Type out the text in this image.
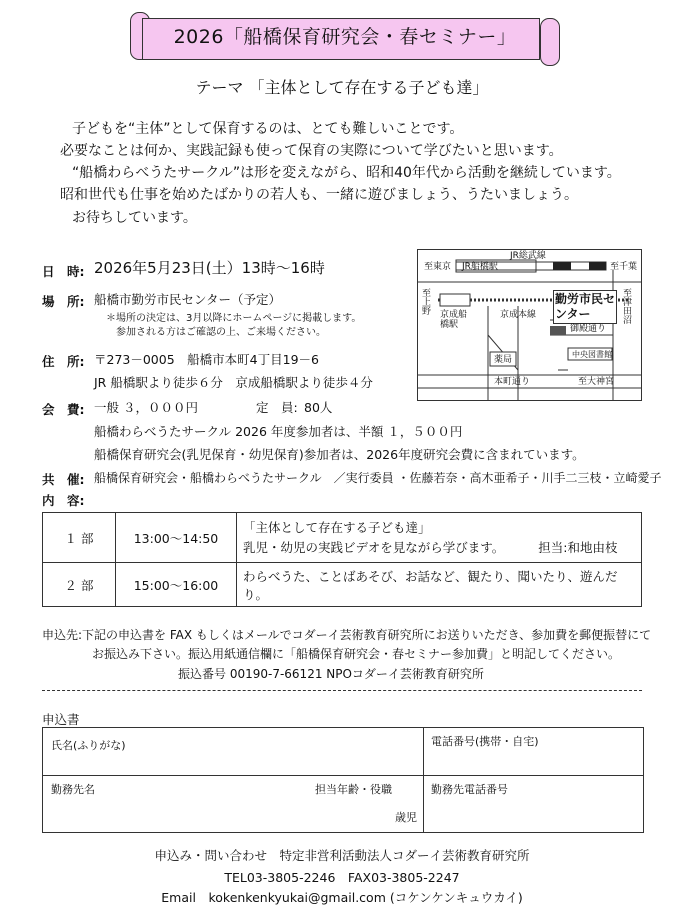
2026「船橋保育研究会・春セミナー」
テーマ 「主体として存在する子ども達」
子どもを“主体”として保育するのは、とても難しいことです。
必要なことは何か、実践記録も使って保育の実際について学びたいと思います。
“船橋わらべうたサークル”は形を変えながら、昭和40年代から活動を継続しています。
昭和世代も仕事を始めたばかりの若人も、一緒に遊びましょう、うたいましょう。
お待ちしています。
日　時: 2026年5月23日(土）13時～16時
場　所: 船橋市勤労市民センター（予定）
＊場所の決定は、3月以降にホームページに掲載します。
参加される方はご確認の上、ご来場ください。
住　所: 〒273－0005　船橋市本町4丁目19－6
JR 船橋駅より徒歩６分　京成船橋駅より徒歩４分
会　費: 一般 ３，０００円	定　員: 80人
船橋わらべうたサークル 2026 年度参加者は、半額 １，５００円
船橋保育研究会(乳児保育・幼児保育)参加者は、2026年度研究会費に含まれています。
共　催: 船橋保育研究会・船橋わらべうたサークル　／実行委員 ・佐藤若奈・高木亜希子・川手二三枝・立崎愛子
内　容:
至東京 JR船橋駅
JR総武線
至千葉
至上野 京成船橋駅
京成本線
勤労市民センター
至津田沼
御殿通り
薬局
中央図書館
本町通り	至大神宮
１ 部	13:00～14:50	「主体として存在する子ども達」
乳児・幼児の実践ビデオを見ながら学びます。 担当:和地由枝

２ 部	15:00～16:00	わらべうた、ことばあそび、お話など、観たり、聞いたり、遊んだり。
申込先:下記の申込書を FAX もしくはメールでコダーイ芸術教育研究所にお送りいただき、参加費を郵便振替にて
お振込み下さい。振込用紙通信欄に「船橋保育研究会・春セミナー参加費」と明記してください。
振込番号 00190-7-66121 NPOコダーイ芸術教育研究所
申込書
氏名(ふりがな)	電話番号(携帯・自宅)
勤務先名	担当年齢・役職
歳児
勤務先電話番号
申込み・問い合わせ　特定非営利活動法人コダーイ芸術教育研究所
TEL03-3805-2246　FAX03-3805-2247
Email　kokenkenkyukai@gmail.com (コケンケンキュウカイ)
